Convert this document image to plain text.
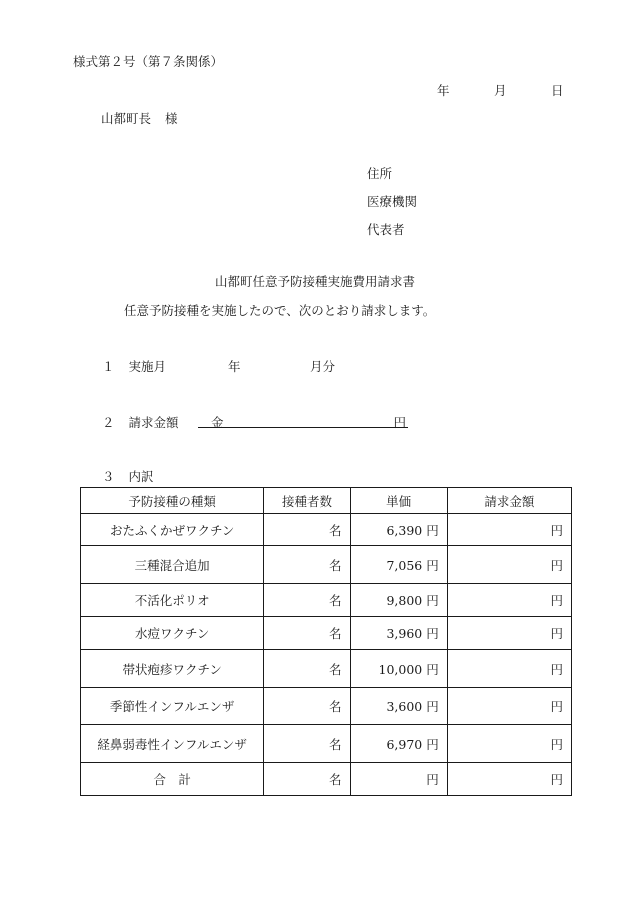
様式第２号（第７条関係）
年	月	日
山都町長 様
住所
医療機関
代表者
山都町任意予防接種実施費用請求書
任意予防接種を実施したので、次のとおり請求します。
１ 実施月	年	月分
２ 請求金額	金	円
３ 内訳
予防接種の種類	接種者数	単価	請求金額
おたふくかぜワクチン	名	6,390 円	円
三種混合追加	名	7,056 円	円
不活化ポリオ	名	9,800 円	円
水痘ワクチン	名	3,960 円	円
帯状疱疹ワクチン	名	10,000 円	円
季節性インフルエンザ	名	3,600 円	円
経鼻弱毒性インフルエンザ	名	6,970 円	円
合　計	名	円	円
